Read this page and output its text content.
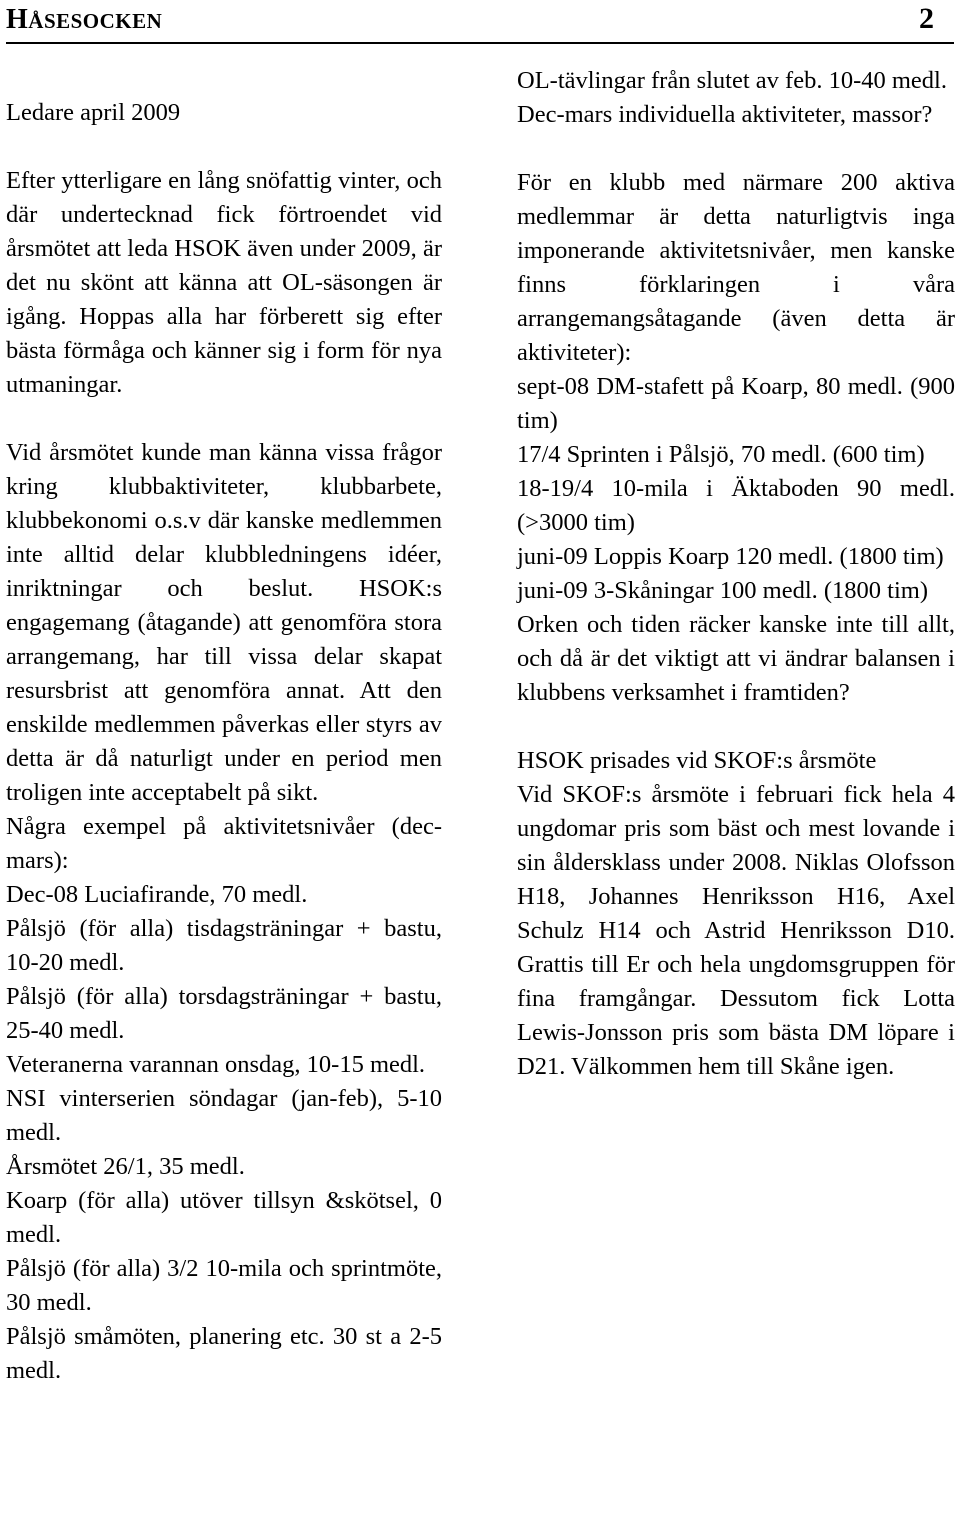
HÅSESOCKEN	2

Ledare april 2009

Efter ytterligare en lång snöfattig vinter, och där undertecknad fick förtroendet vid årsmötet att leda HSOK även under 2009, är det nu skönt att känna att OL-säsongen är igång. Hoppas alla har förberett sig efter bästa förmåga och känner sig i form för nya utmaningar.

Vid årsmötet kunde man känna vissa frågor kring klubbaktiviteter, klubbarbete, klubbekonomi o.s.v där kanske medlemmen inte alltid delar klubbledningens idéer, inriktningar och beslut. HSOK:s engagemang (åtagande) att genomföra stora arrangemang, har till vissa delar skapat resursbrist att genomföra annat. Att den enskilde medlemmen påverkas eller styrs av detta är då naturligt under en period men troligen inte acceptabelt på sikt.

Några exempel på aktivitetsnivåer (dec-mars):

Dec-08 Luciafirande, 70 medl.

Pålsjö (för alla) tisdagsträningar + bastu, 10-20 medl.

Pålsjö (för alla) torsdagsträningar + bastu, 25-40 medl.

Veteranerna varannan onsdag, 10-15 medl.

NSI vinterserien söndagar (jan-feb), 5-10 medl.

Årsmötet 26/1, 35 medl.

Koarp (för alla) utöver tillsyn &skötsel, 0 medl.

Pålsjö (för alla) 3/2 10-mila och sprintmöte, 30 medl.

Pålsjö småmöten, planering etc. 30 st a 2-5 medl.

OL-tävlingar från slutet av feb. 10-40 medl.

Dec-mars individuella aktiviteter, massor?

För en klubb med närmare 200 aktiva medlemmar är detta naturligtvis inga imponerande aktivitetsnivåer, men kanske finns förklaringen i våra arrangemangsåtagande (även detta är aktiviteter):

sept-08 DM-stafett på Koarp, 80 medl. (900 tim)

17/4 Sprinten i Pålsjö, 70 medl. (600 tim)

18-19/4 10-mila i Äktaboden 90 medl. (>3000 tim)

juni-09 Loppis Koarp 120 medl. (1800 tim)

juni-09 3-Skåningar 100 medl. (1800 tim)

Orken och tiden räcker kanske inte till allt, och då är det viktigt att vi ändrar balansen i klubbens verksamhet i framtiden?

HSOK prisades vid SKOF:s årsmöte

Vid SKOF:s årsmöte i februari fick hela 4 ungdomar pris som bäst och mest lovande i sin åldersklass under 2008. Niklas Olofsson H18, Johannes Henriksson H16, Axel Schulz H14 och Astrid Henriksson D10. Grattis till Er och hela ungdomsgruppen för fina framgångar. Dessutom fick Lotta Lewis-Jonsson pris som bästa DM löpare i D21. Välkommen hem till Skåne igen.
